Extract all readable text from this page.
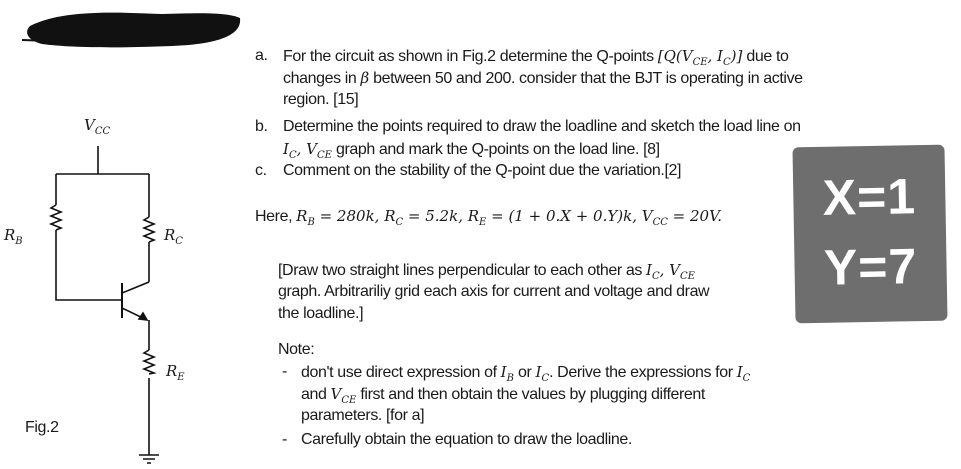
$V_{CC}$
$R_B$	$R_C$
$R_E$
Fig.2
a. For the circuit as shown in Fig.2 determine the Q-points [$Q(V_{CE}$, $I_C$)] due to
changes in β between 50 and 200. consider that the BJT is operating in active
region. [15]
b. Determine the points required to draw the loadline and sketch the load line on
$I_C$, $V_{CE}$ graph and mark the Q-points on the load line. [8]
c. Comment on the stability of the Q-point due the variation.[2]
Here, $R_B = 280k$, $R_C = 5.2k$, $R_E = (1 + 0.X + 0.Y)k$, $V_{CC} = 20V$.
[Draw two straight lines perpendicular to each other as $I_C$, $V_{CE}$
graph. Arbitrariliy grid each axis for current and voltage and draw
the loadline.]
Note:
- don't use direct expression of $I_B$ or $I_C$. Derive the expressions for $I_C$
and $V_{CE}$ first and then obtain the values by plugging different
parameters. [for a]
- Carefully obtain the equation to draw the loadline.
X=1
Y=7
